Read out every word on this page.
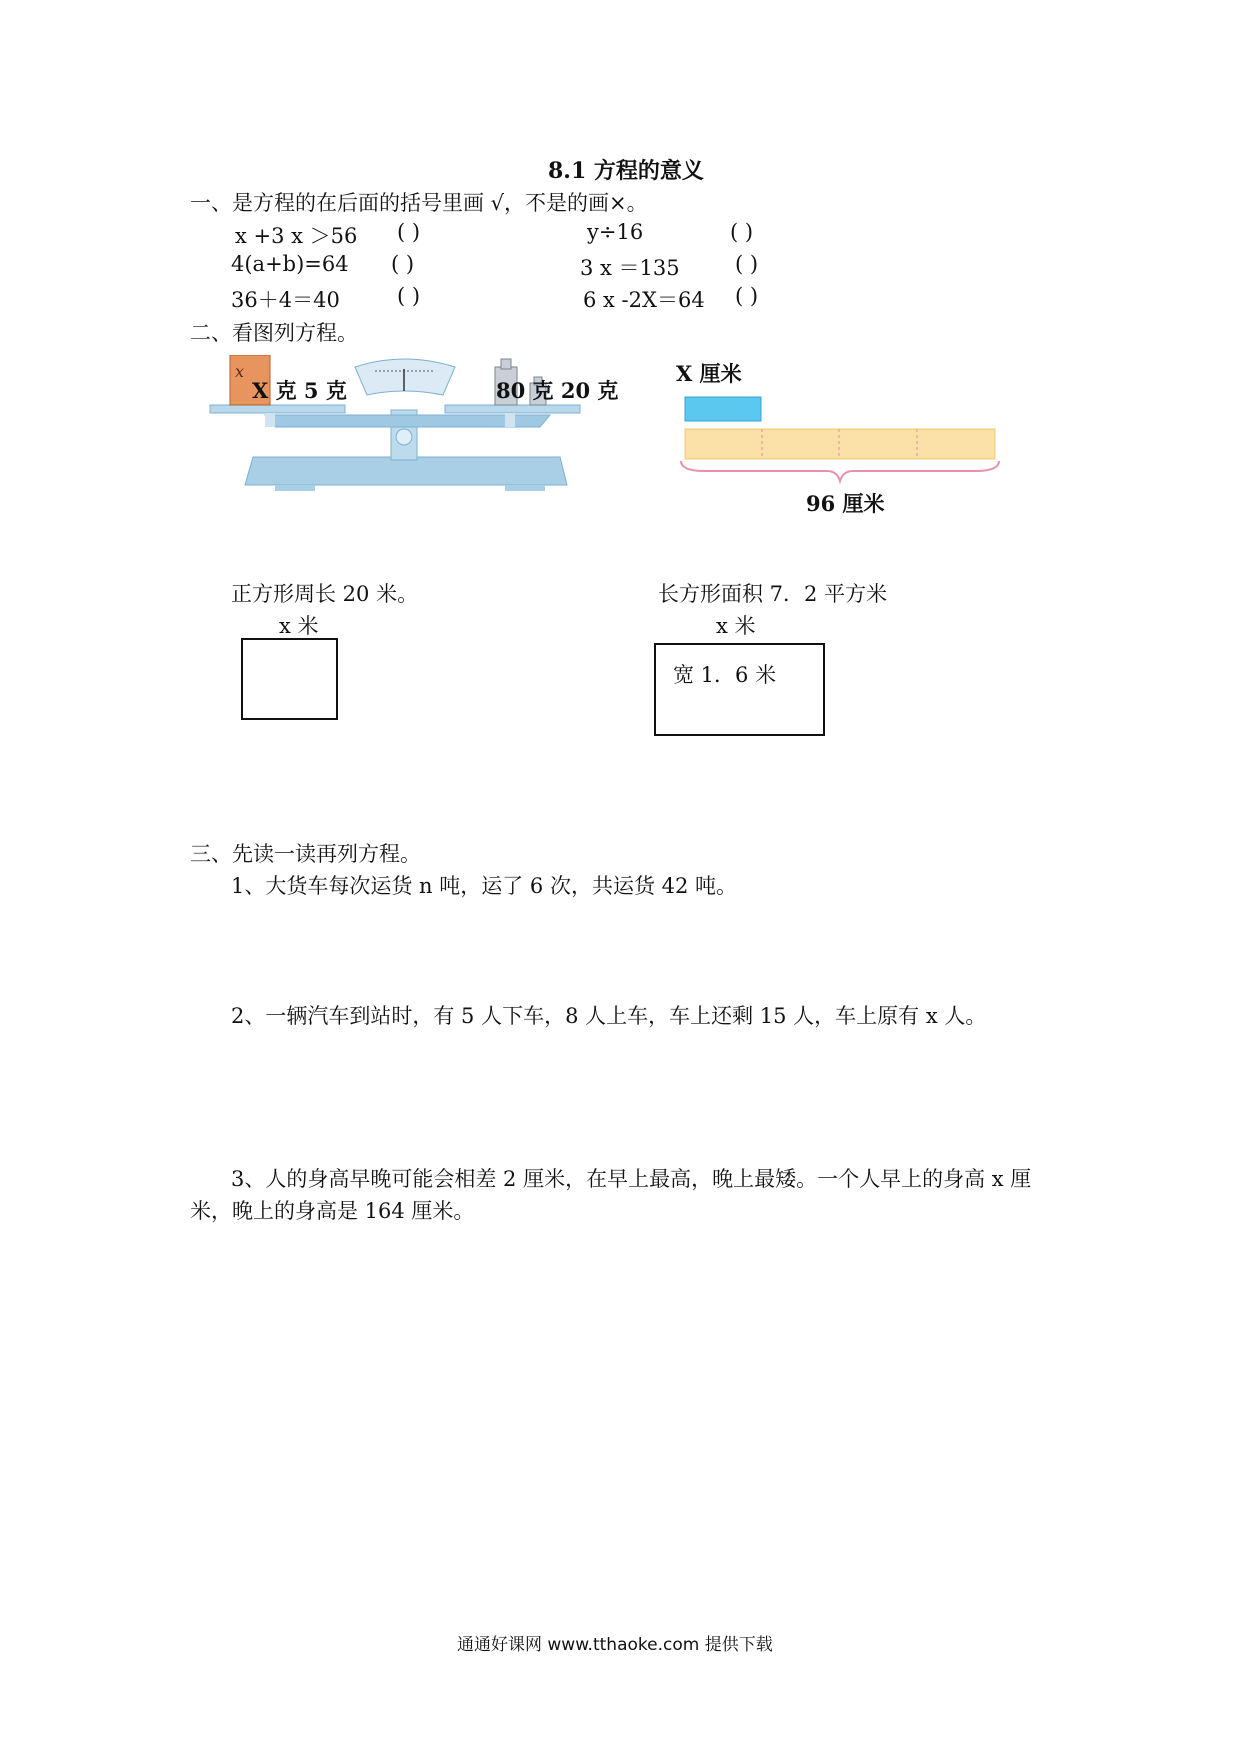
8.1 方程的意义
一、是方程的在后面的括号里画 √，不是的画×。
x +3 x ＞56 ( )	y÷16	( )
4(a+b)=64 ( )	3 x ＝135	( )
36＋4＝40	( )	6 x -2X＝64 ( )
二、看图列方程。
x
X 克 5 克	80 克 20 克
X 厘米
96 厘米
正方形周长 20 米。
x 米
长方形面积 7．2 平方米
x 米
宽 1．6 米
三、先读一读再列方程。
1、大货车每次运货 n 吨，运了 6 次，共运货 42 吨。
2、一辆汽车到站时，有 5 人下车，8 人上车，车上还剩 15 人，车上原有 x 人。
3、人的身高早晚可能会相差 2 厘米，在早上最高，晚上最矮。一个人早上的身高 x 厘
米，晚上的身高是 164 厘米。
通通好课网 www.tthaoke.com 提供下载
